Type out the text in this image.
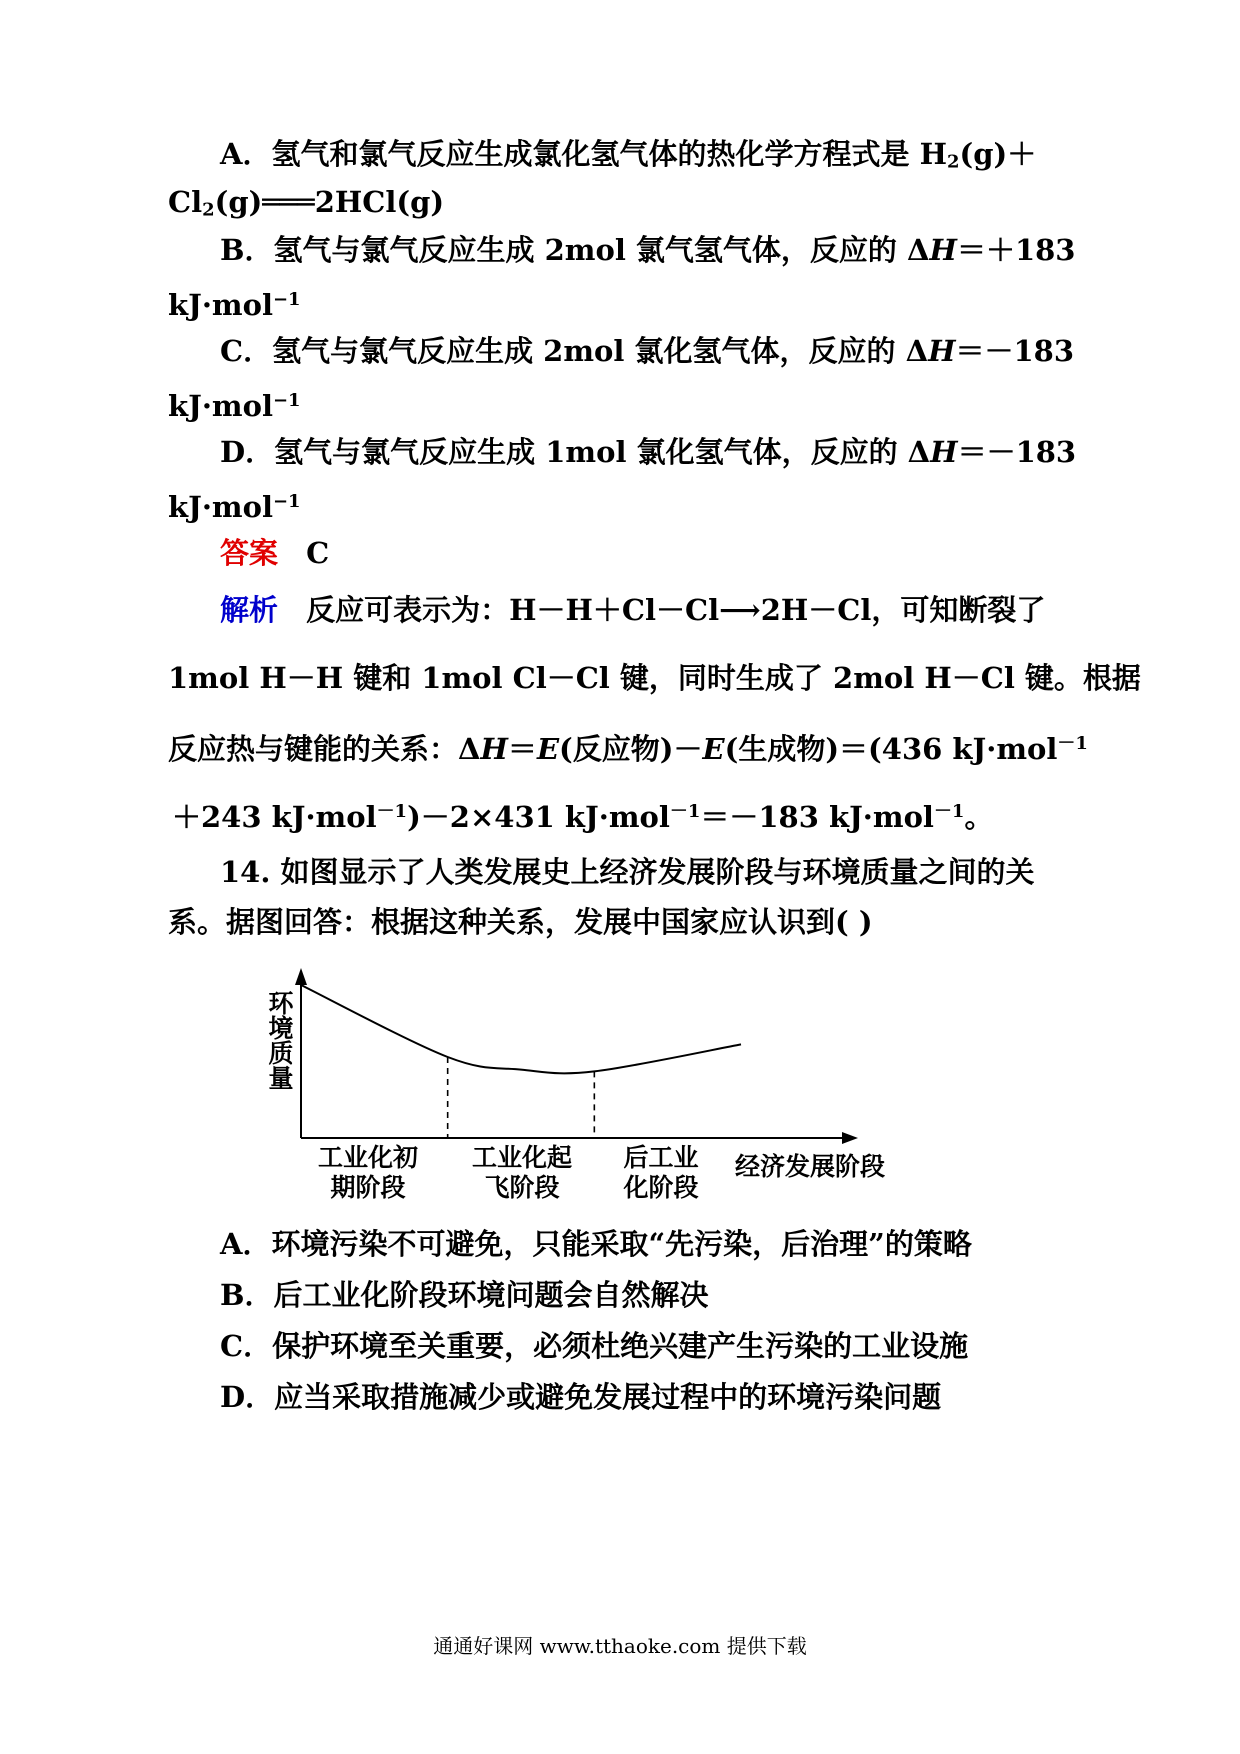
A．氢气和氯气反应生成氯化氢气体的热化学方程式是 $H_2(g)+$
$Cl_2(g)═══2HCl(g)$
B．氢气与氯气反应生成 2mol 氯气氢气体，反应的 ΔH＝＋183
kJ·mol$^{-1}$
C．氢气与氯气反应生成 2mol 氯化氢气体，反应的 ΔH＝－183
kJ·mol$^{-1}$
D．氢气与氯气反应生成 1mol 氯化氢气体，反应的 ΔH＝－183
kJ·mol$^{-1}$
答案 C
解析 反应可表示为：H－H＋Cl－Cl⟶2H－Cl，可知断裂了
1mol H－H 键和 1mol Cl－Cl 键，同时生成了 2mol H－Cl 键。根据
反应热与键能的关系：ΔH＝E(反应物)－E(生成物)＝(436 kJ·mol$^{-1}$
＋243 kJ·mol$^{-1}$)－2×431 kJ·mol$^{-1}$＝－183 kJ·mol$^{-1}$。
14. 如图显示了人类发展史上经济发展阶段与环境质量之间的关
系。据图回答：根据这种关系，发展中国家应认识到( )
环
境
质
量
工业化初
期阶段
工业化起
飞阶段
后工业
化阶段
经济发展阶段
通通好课网 www.tthaoke.com 提供下载
A．环境污染不可避免，只能采取“先污染，后治理”的策略
B．后工业化阶段环境问题会自然解决
C．保护环境至关重要，必须杜绝兴建产生污染的工业设施
D．应当采取措施减少或避免发展过程中的环境污染问题
